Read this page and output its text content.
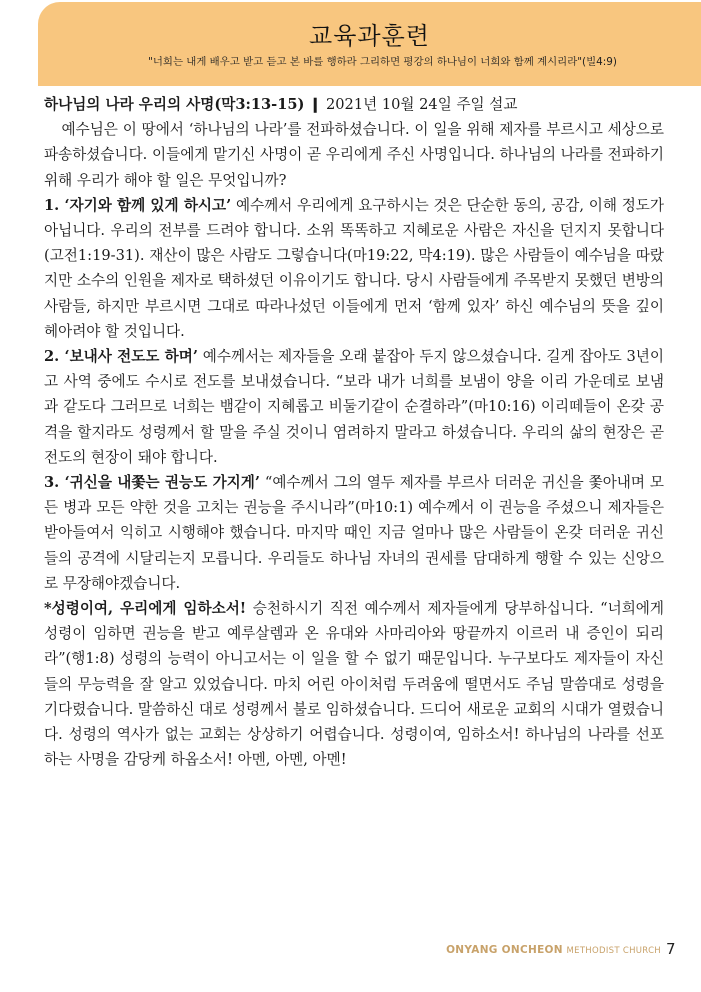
교육과훈련
"너희는 내게 배우고 받고 듣고 본 바를 행하라 그리하면 평강의 하나님이 너희와 함께 계시리라"(빌4:9)

하나님의 나라 우리의 사명(막3:13-15) ❙ 2021년 10월 24일 주일 설교

예수님은 이 땅에서 ‘하나님의 나라’를 전파하셨습니다. 이 일을 위해 제자를 부르시고 세상으로 파송하셨습니다. 이들에게 맡기신 사명이 곧 우리에게 주신 사명입니다. 하나님의 나라를 전파하기 위해 우리가 해야 할 일은 무엇입니까?

1. ‘자기와 함께 있게 하시고’ 예수께서 우리에게 요구하시는 것은 단순한 동의, 공감, 이해 정도가 아닙니다. 우리의 전부를 드려야 합니다. 소위 똑똑하고 지혜로운 사람은 자신을 던지지 못합니다(고전1:19-31). 재산이 많은 사람도 그렇습니다(마19:22, 막4:19). 많은 사람들이 예수님을 따랐지만 소수의 인원을 제자로 택하셨던 이유이기도 합니다. 당시 사람들에게 주목받지 못했던 변방의 사람들, 하지만 부르시면 그대로 따라나섰던 이들에게 먼저 ‘함께 있자’ 하신 예수님의 뜻을 깊이 헤아려야 할 것입니다.

2. ‘보내사 전도도 하며’ 예수께서는 제자들을 오래 붙잡아 두지 않으셨습니다. 길게 잡아도 3년이고 사역 중에도 수시로 전도를 보내셨습니다. “보라 내가 너희를 보냄이 양을 이리 가운데로 보냄과 같도다 그러므로 너희는 뱀같이 지혜롭고 비둘기같이 순결하라”(마10:16) 이리떼들이 온갖 공격을 할지라도 성령께서 할 말을 주실 것이니 염려하지 말라고 하셨습니다. 우리의 삶의 현장은 곧 전도의 현장이 돼야 합니다.

3. ‘귀신을 내쫓는 권능도 가지게’ “예수께서 그의 열두 제자를 부르사 더러운 귀신을 쫓아내며 모든 병과 모든 약한 것을 고치는 권능을 주시니라”(마10:1) 예수께서 이 권능을 주셨으니 제자들은 받아들여서 익히고 시행해야 했습니다. 마지막 때인 지금 얼마나 많은 사람들이 온갖 더러운 귀신들의 공격에 시달리는지 모릅니다. 우리들도 하나님 자녀의 권세를 담대하게 행할 수 있는 신앙으로 무장해야겠습니다.

*성령이여, 우리에게 임하소서! 승천하시기 직전 예수께서 제자들에게 당부하십니다. “너희에게 성령이 임하면 권능을 받고 예루살렘과 온 유대와 사마리아와 땅끝까지 이르러 내 증인이 되리라”(행1:8) 성령의 능력이 아니고서는 이 일을 할 수 없기 때문입니다. 누구보다도 제자들이 자신들의 무능력을 잘 알고 있었습니다. 마치 어린 아이처럼 두려움에 떨면서도 주님 말씀대로 성령을 기다렸습니다. 말씀하신 대로 성령께서 불로 임하셨습니다. 드디어 새로운 교회의 시대가 열렸습니다. 성령의 역사가 없는 교회는 상상하기 어렵습니다. 성령이여, 임하소서! 하나님의 나라를 선포하는 사명을 감당케 하옵소서! 아멘, 아멘, 아멘!

ONYANG ONCHEON METHODIST CHURCH 7
